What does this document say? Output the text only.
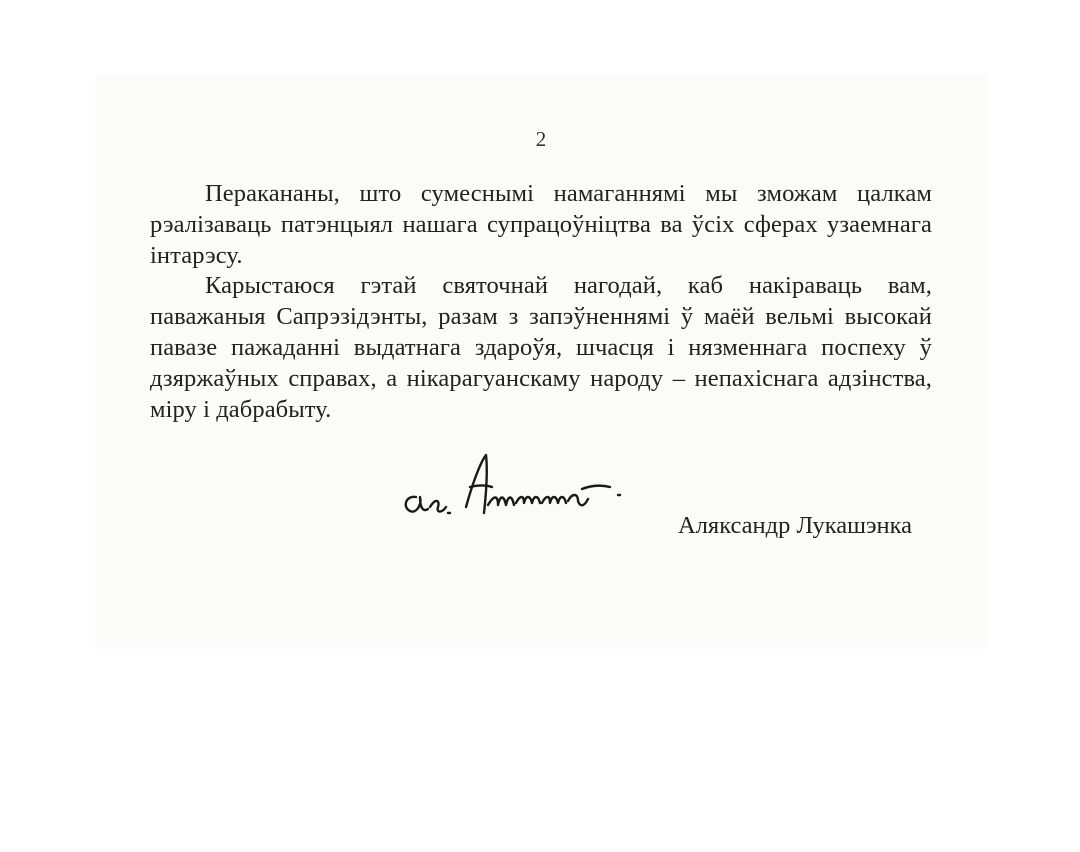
2
Перакананы, што сумеснымі намаганнямі мы зможам цалкам рэалізаваць патэнцыял нашага супрацоўніцтва ва ўсіх сферах узаемнага інтарэсу.
Карыстаюся гэтай святочнай нагодай, каб накіраваць вам, паважаныя Сапрэзідэнты, разам з запэўненнямі ў маёй вельмі высокай павазе пажаданні выдатнага здароўя, шчасця і нязменнага поспеху ў дзяржаўных справах, а нікарагуанскаму народу – непахіснага адзінства, міру і дабрабыту.
Аляксандр Лукашэнка
